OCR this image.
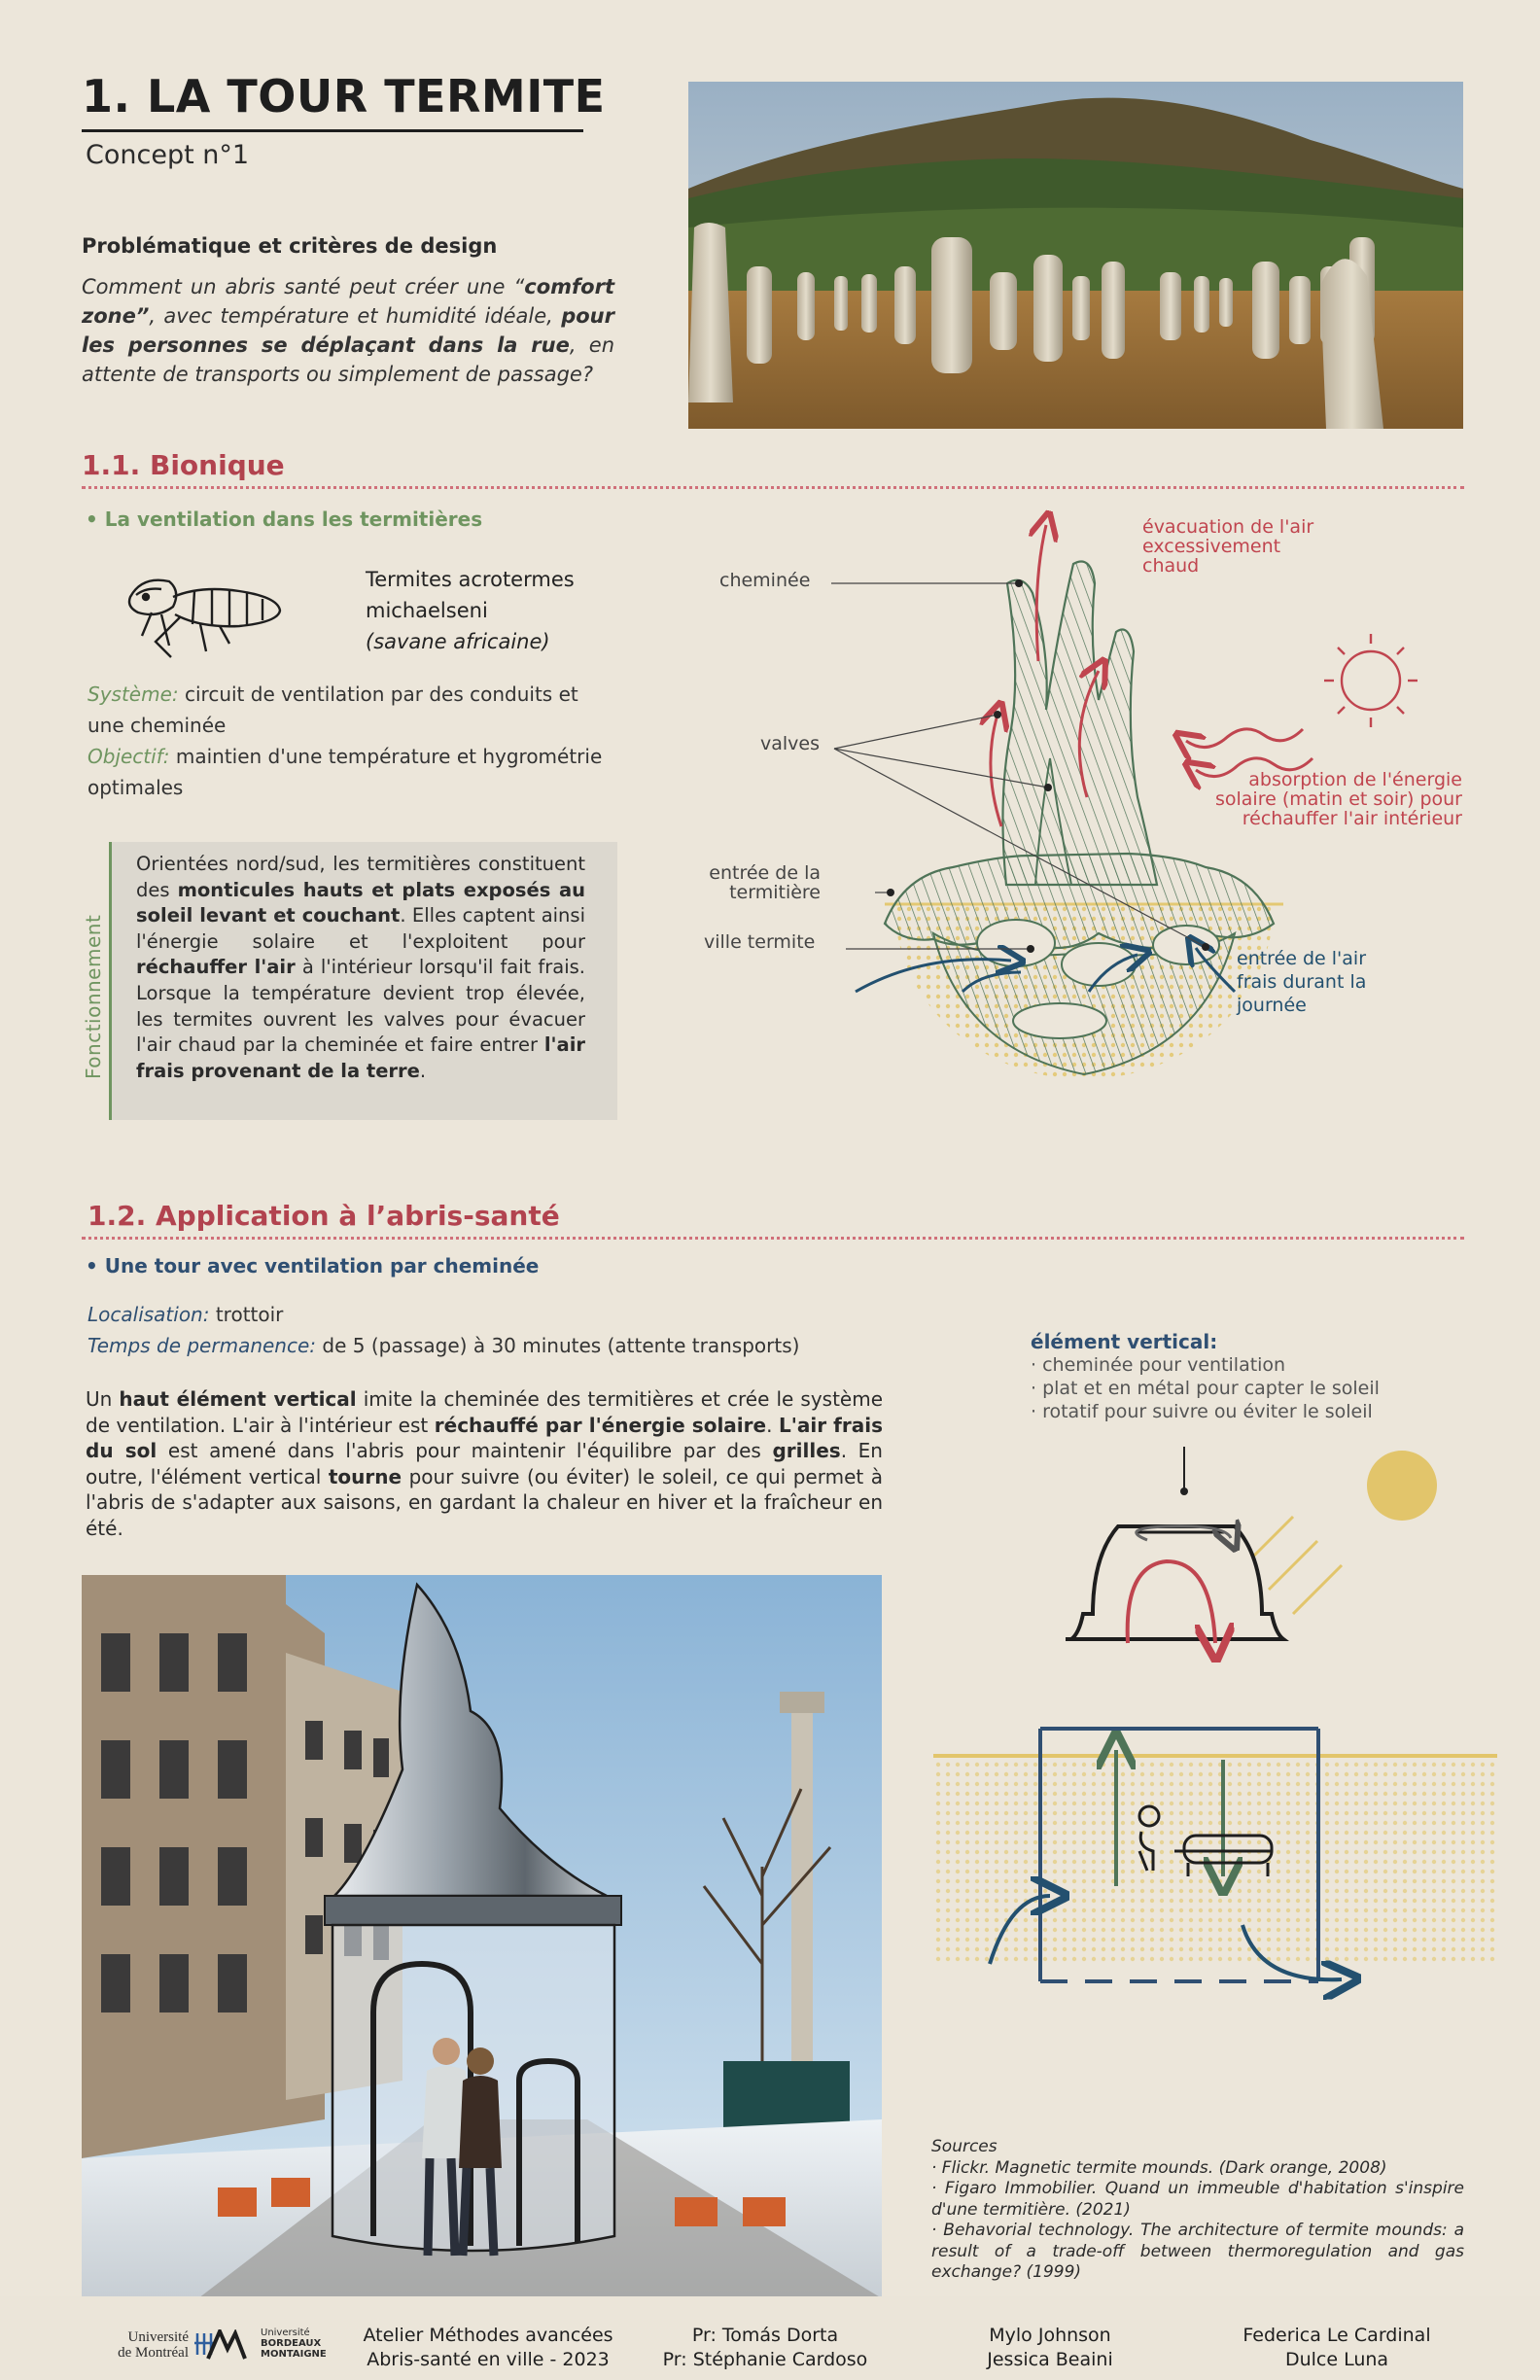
1. LA TOUR TERMITE
Concept n°1
Problématique et critères de design
Comment un abris santé peut créer une “comfort zone”, avec température et humidité idéale, pour les personnes se déplaçant dans la rue, en attente de transports ou simplement de passage?
1.1. Bionique
• La ventilation dans les termitières
Termites acrotermes
michaelseni
(savane africaine)
Système: circuit de ventilation par des conduits et une cheminée
Objectif: maintien d'une température et hygrométrie optimales
Fonctionnement
Orientées nord/sud, les termitières constituent des monticules hauts et plats exposés au soleil levant et couchant. Elles captent ainsi l'énergie solaire et l'exploitent pour réchauffer l'air à l'intérieur lorsqu'il fait frais. Lorsque la température devient trop élevée, les termites ouvrent les valves pour évacuer l'air chaud par la cheminée et faire entrer l'air frais provenant de la terre.
cheminée
valves
entrée de la
termitière
ville termite
évacuation de l'air
excessivement
chaud
absorption de l'énergie
solaire (matin et soir) pour
réchauffer l'air intérieur
entrée de l'air
frais durant la
journée
1.2. Application à l’abris-santé
• Une tour avec ventilation par cheminée
Localisation: trottoir
Temps de permanence: de 5 (passage) à 30 minutes (attente transports)
Un haut élément vertical imite la cheminée des termitières et crée le système de ventilation. L'air à l'intérieur est réchauffé par l'énergie solaire. L'air frais du sol est amené dans l'abris pour maintenir l'équilibre par des grilles. En outre, l'élément vertical tourne pour suivre (ou éviter) le soleil, ce qui permet à l'abris de s'adapter aux saisons, en gardant la chaleur en hiver et la fraîcheur en été.
élément vertical:
· cheminée pour ventilation
· plat et en métal pour capter le soleil
· rotatif pour suivre ou éviter le soleil
Sources
· Flickr. Magnetic termite mounds. (Dark orange, 2008)
· Figaro Immobilier. Quand un immeuble d'habitation s'inspire d'une termitière. (2021)
· Behavorial technology. The architecture of termite mounds: a result of a trade-off between thermoregulation and gas exchange? (1999)
Université
de Montréal
Université
BORDEAUX
MONTAIGNE
Atelier Méthodes avancées
Abris-santé en ville - 2023
Pr: Tomás Dorta
Pr: Stéphanie Cardoso
Mylo Johnson
Jessica Beaini
Federica Le Cardinal
Dulce Luna
